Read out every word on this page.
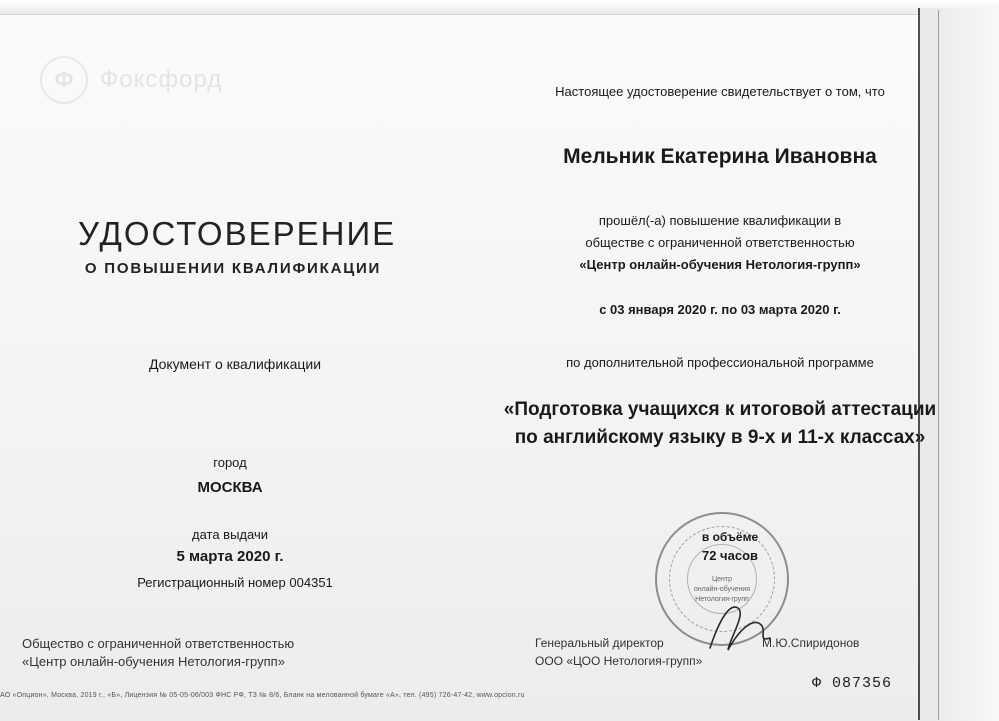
Ф	Фоксфорд
УДОСТОВЕРЕНИЕ

О ПОВЫШЕНИИ КВАЛИФИКАЦИИ

Документ о квалификации

город

МОСКВА

дата выдачи

5 марта 2020 г.

Регистрационный номер 004351

Общество с ограниченной ответственностью

«Центр онлайн-обучения Нетология-групп»

АО «Опцион», Москва, 2019 г., «Б», Лицензия № 05-05-06/003 ФНС РФ, ТЗ № 8/6, Бланк на мелованной бумаге «А», тел. (495) 726-47-42, www.opcion.ru

Настоящее удостоверение свидетельствует о том, что

Мельник Екатерина Ивановна

прошёл(-а) повышение квалификации в

обществе с ограниченной ответственностью

«Центр онлайн-обучения Нетология-групп»

с 03 января 2020 г. по 03 марта 2020 г.

по дополнительной профессиональной программе

«Подготовка учащихся к итоговой аттестации

по английскому языку в 9-х и 11-х классах»

Центр
онлайн-обучения
Нетология-групп

в объёме

72 часов

Генеральный директор

ООО «ЦОО Нетология-групп»

М.Ю.Спиридонов

Ф 087356
